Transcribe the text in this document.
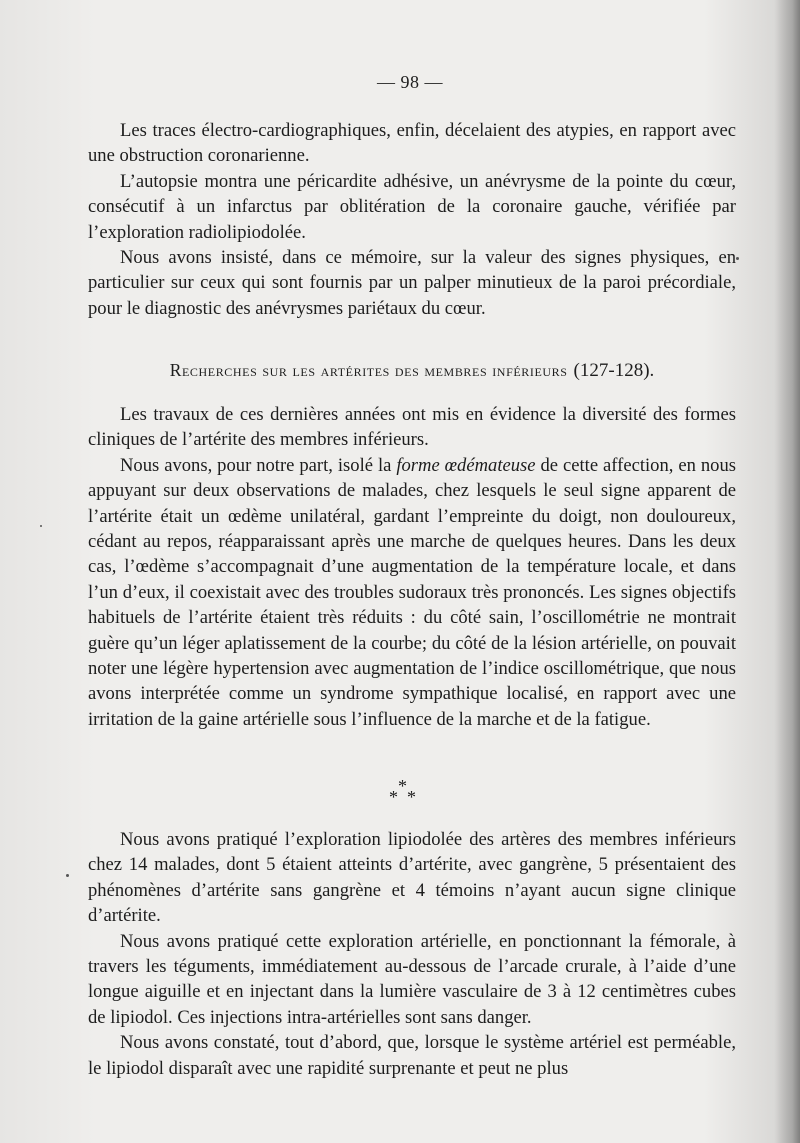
— 98 —

Les traces électro-cardiographiques, enfin, décelaient des atypies, en rapport avec une obstruction coronarienne.

L’autopsie montra une péricardite adhésive, un anévrysme de la pointe du cœur, consécutif à un infarctus par oblitération de la coronaire gauche, vérifiée par l’exploration radiolipiodolée.

Nous avons insisté, dans ce mémoire, sur la valeur des signes physiques, en particulier sur ceux qui sont fournis par un palper minutieux de la paroi précordiale, pour le diagnostic des anévrysmes pariétaux du cœur.

Recherches sur les artérites des membres inférieurs (127-128).

Les travaux de ces dernières années ont mis en évidence la diversité des formes cliniques de l’artérite des membres inférieurs.

Nous avons, pour notre part, isolé la forme œdémateuse de cette affection, en nous appuyant sur deux observations de malades, chez lesquels le seul signe apparent de l’artérite était un œdème unilatéral, gardant l’empreinte du doigt, non douloureux, cédant au repos, réapparaissant après une marche de quelques heures. Dans les deux cas, l’œdème s’accompagnait d’une augmentation de la température locale, et dans l’un d’eux, il coexistait avec des troubles sudoraux très prononcés. Les signes objectifs habituels de l’artérite étaient très réduits : du côté sain, l’oscillométrie ne montrait guère qu’un léger aplatissement de la courbe; du côté de la lésion artérielle, on pouvait noter une légère hypertension avec augmentation de l’indice oscillométrique, que nous avons interprétée comme un syndrome sympathique localisé, en rapport avec une irritation de la gaine artérielle sous l’influence de la marche et de la fatigue.

*
* *

Nous avons pratiqué l’exploration lipiodolée des artères des membres inférieurs chez 14 malades, dont 5 étaient atteints d’artérite, avec gangrène, 5 présentaient des phénomènes d’artérite sans gangrène et 4 témoins n’ayant aucun signe clinique d’artérite.

Nous avons pratiqué cette exploration artérielle, en ponctionnant la fémorale, à travers les téguments, immédiatement au-dessous de l’arcade crurale, à l’aide d’une longue aiguille et en injectant dans la lumière vasculaire de 3 à 12 centimètres cubes de lipiodol. Ces injections intra-artérielles sont sans danger.

Nous avons constaté, tout d’abord, que, lorsque le système artériel est perméable, le lipiodol disparaît avec une rapidité surprenante et peut ne plus
